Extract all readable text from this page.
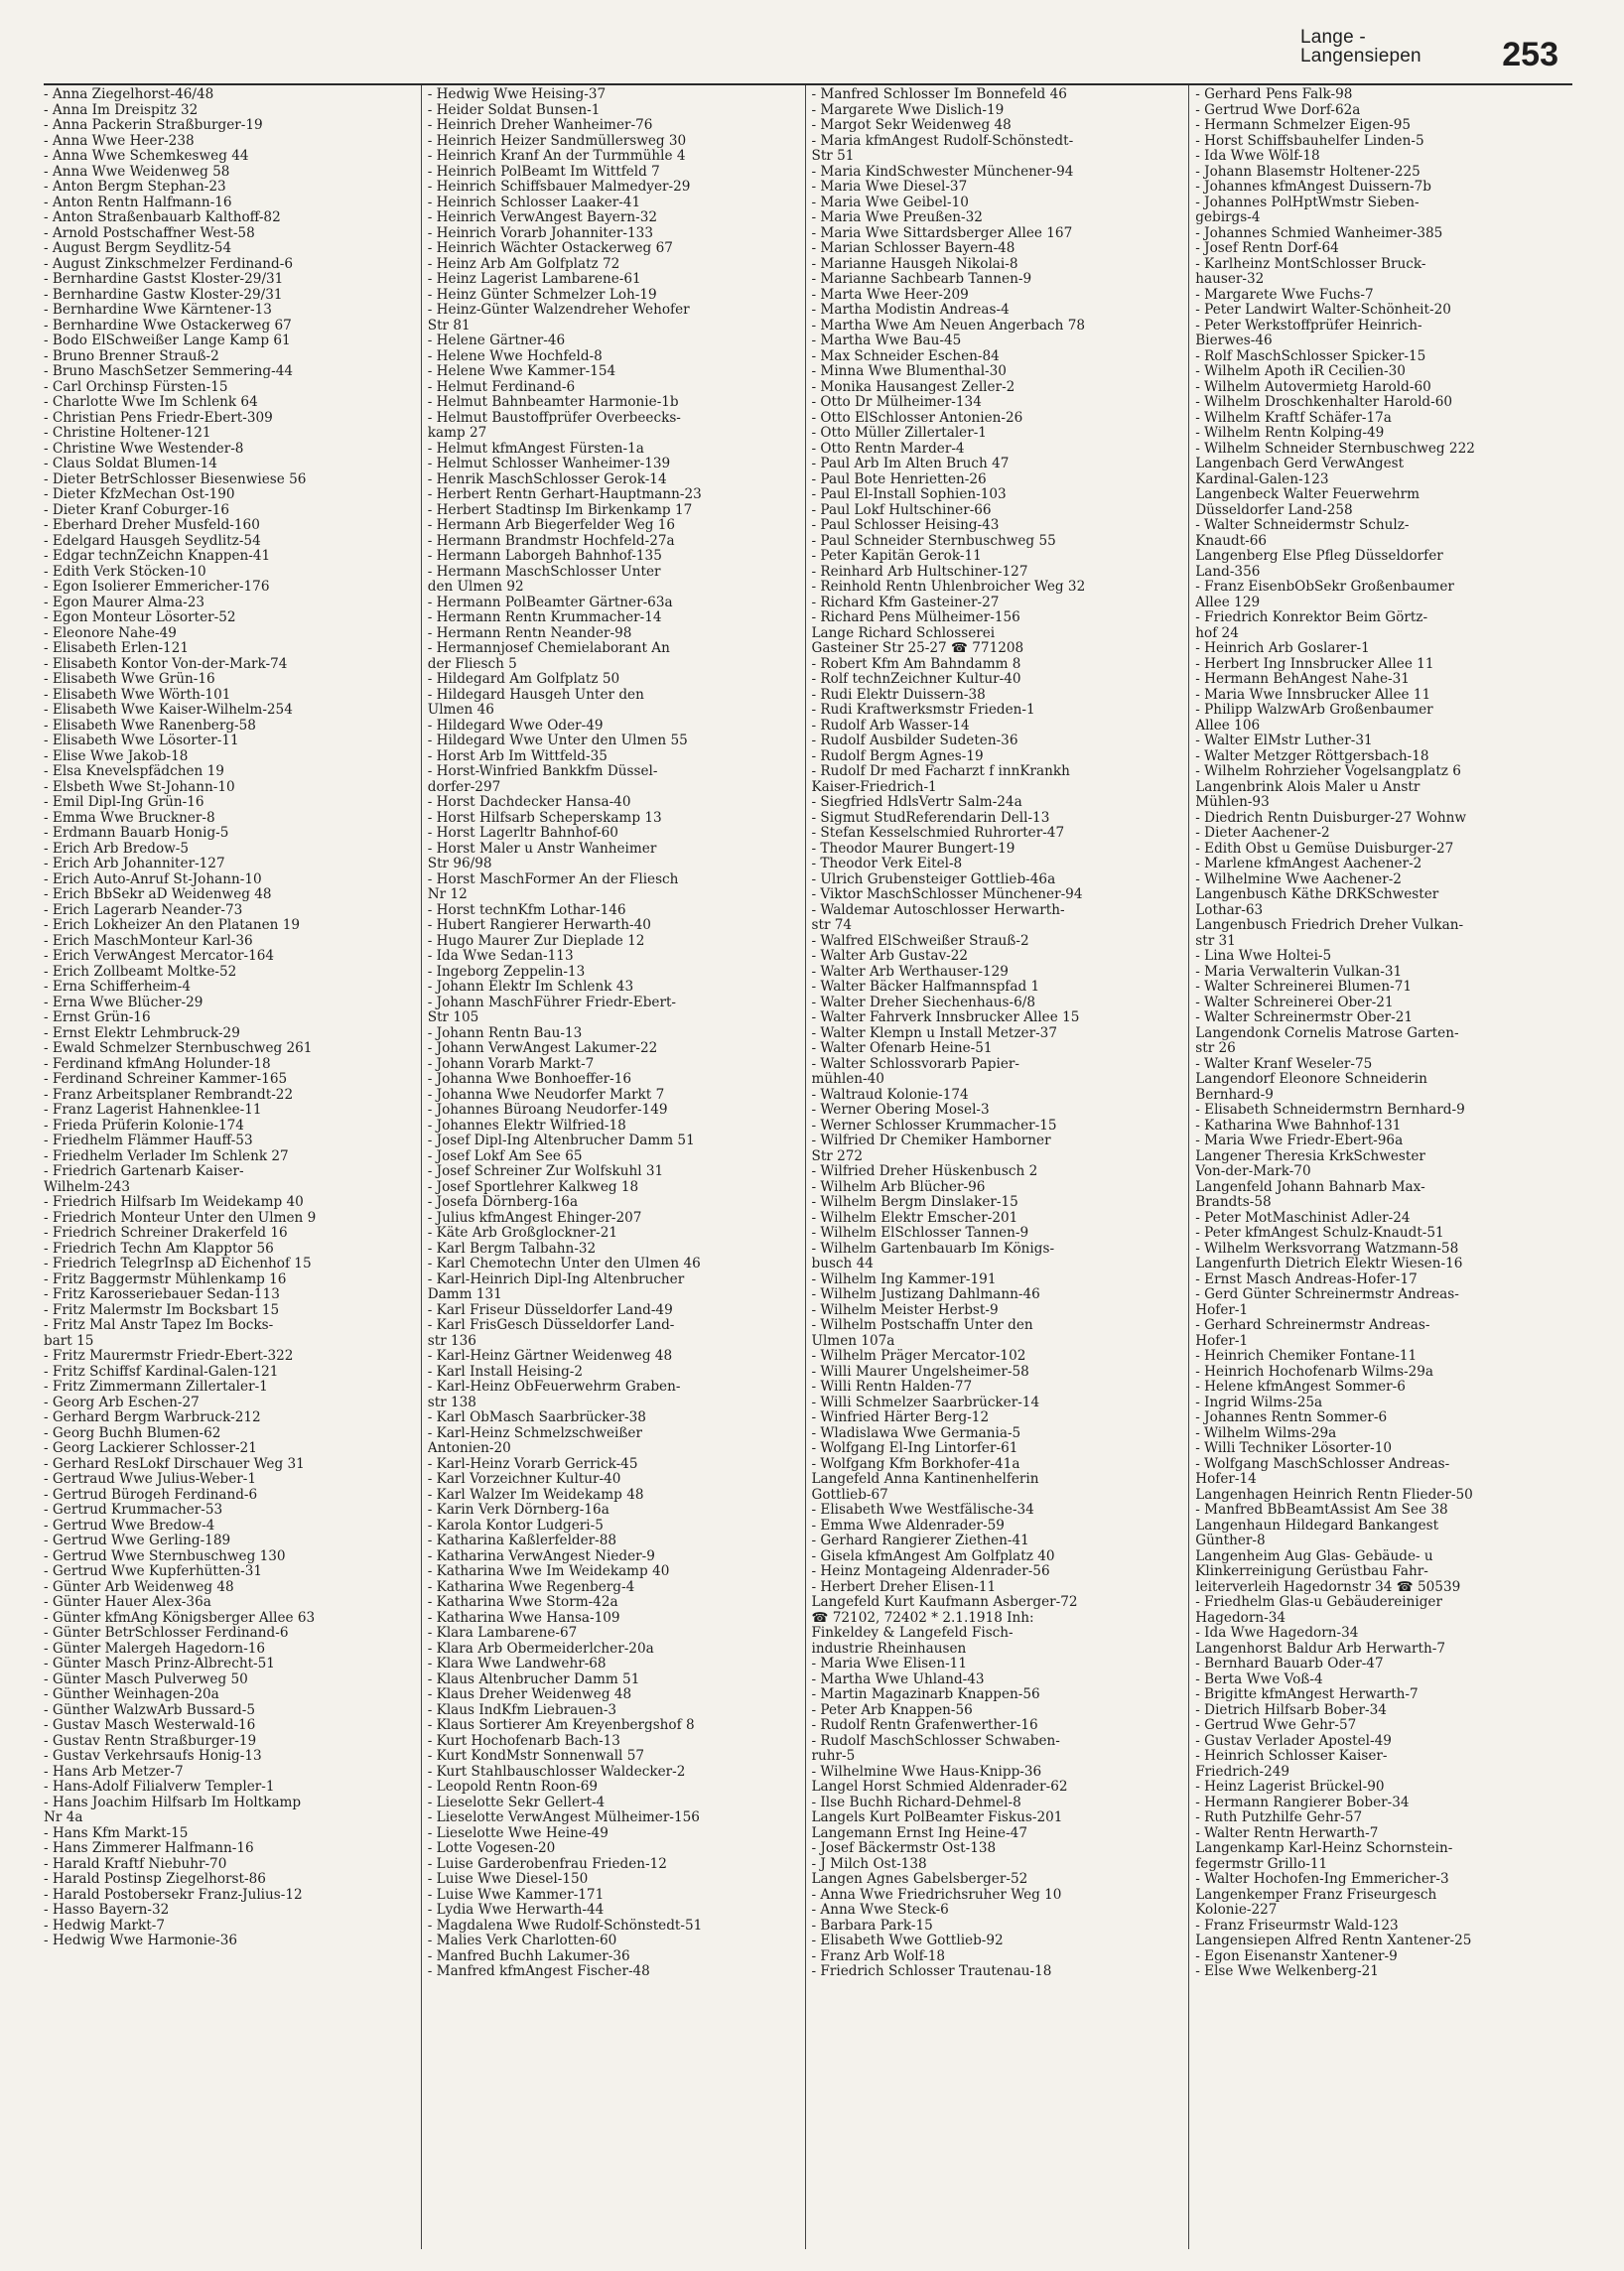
Lange - Langensiepen	253
- Anna Ziegelhorst-46/48
- Anna Im Dreispitz 32
- Anna Packerin Straßburger-19
- Anna Wwe Heer-238
- Anna Wwe Schemkesweg 44
- Anna Wwe Weidenweg 58
- Anton Bergm Stephan-23
- Anton Rentn Halfmann-16
- Anton Straßenbauarb Kalthoff-82
- Arnold Postschaffner West-58
- August Bergm Seydlitz-54
- August Zinkschmelzer Ferdinand-6
- Bernhardine Gastst Kloster-29/31
- Bernhardine Gastw Kloster-29/31
- Bernhardine Wwe Kärntener-13
- Bernhardine Wwe Ostackerweg 67
- Bodo ElSchweißer Lange Kamp 61
- Bruno Brenner Strauß-2
- Bruno MaschSetzer Semmering-44
- Carl Orchinsp Fürsten-15
- Charlotte Wwe Im Schlenk 64
- Christian Pens Friedr-Ebert-309
- Christine Holtener-121
- Christine Wwe Westender-8
- Claus Soldat Blumen-14
- Dieter BetrSchlosser Biesenwiese 56
- Dieter KfzMechan Ost-190
- Dieter Kranf Coburger-16
- Eberhard Dreher Musfeld-160
- Edelgard Hausgeh Seydlitz-54
- Edgar technZeichn Knappen-41
- Edith Verk Stöcken-10
- Egon Isolierer Emmericher-176
- Egon Maurer Alma-23
- Egon Monteur Lösorter-52
- Eleonore Nahe-49
- Elisabeth Erlen-121
- Elisabeth Kontor Von-der-Mark-74
- Elisabeth Wwe Grün-16
- Elisabeth Wwe Wörth-101
- Elisabeth Wwe Kaiser-Wilhelm-254
- Elisabeth Wwe Ranenberg-58
- Elisabeth Wwe Lösorter-11
- Elise Wwe Jakob-18
- Elsa Knevelspfädchen 19
- Elsbeth Wwe St-Johann-10
- Emil Dipl-Ing Grün-16
- Emma Wwe Bruckner-8
- Erdmann Bauarb Honig-5
- Erich Arb Bredow-5
- Erich Arb Johanniter-127
- Erich Auto-Anruf St-Johann-10
- Erich BbSekr aD Weidenweg 48
- Erich Lagerarb Neander-73
- Erich Lokheizer An den Platanen 19
- Erich MaschMonteur Karl-36
- Erich VerwAngest Mercator-164
- Erich Zollbeamt Moltke-52
- Erna Schifferheim-4
- Erna Wwe Blücher-29
- Ernst Grün-16
- Ernst Elektr Lehmbruck-29
- Ewald Schmelzer Sternbuschweg 261
- Ferdinand kfmAng Holunder-18
- Ferdinand Schreiner Kammer-165
- Franz Arbeitsplaner Rembrandt-22
- Franz Lagerist Hahnenklee-11
- Frieda Prüferin Kolonie-174
- Friedhelm Flämmer Hauff-53
- Friedhelm Verlader Im Schlenk 27
- Friedrich Gartenarb Kaiser-
Wilhelm-243
- Friedrich Hilfsarb Im Weidekamp 40
- Friedrich Monteur Unter den Ulmen 9
- Friedrich Schreiner Drakerfeld 16
- Friedrich Techn Am Klapptor 56
- Friedrich TelegrInsp aD Eichenhof 15
- Fritz Baggermstr Mühlenkamp 16
- Fritz Karosseriebauer Sedan-113
- Fritz Malermstr Im Bocksbart 15
- Fritz Mal Anstr Tapez Im Bocks-
bart 15
- Fritz Maurermstr Friedr-Ebert-322
- Fritz Schiffsf Kardinal-Galen-121
- Fritz Zimmermann Zillertaler-1
- Georg Arb Eschen-27
- Gerhard Bergm Warbruck-212
- Georg Buchh Blumen-62
- Georg Lackierer Schlosser-21
- Gerhard ResLokf Dirschauer Weg 31
- Gertraud Wwe Julius-Weber-1
- Gertrud Bürogeh Ferdinand-6
- Gertrud Krummacher-53
- Gertrud Wwe Bredow-4
- Gertrud Wwe Gerling-189
- Gertrud Wwe Sternbuschweg 130
- Gertrud Wwe Kupferhütten-31
- Günter Arb Weidenweg 48
- Günter Hauer Alex-36a
- Günter kfmAng Königsberger Allee 63
- Günter BetrSchlosser Ferdinand-6
- Günter Malergeh Hagedorn-16
- Günter Masch Prinz-Albrecht-51
- Günter Masch Pulverweg 50
- Günther Weinhagen-20a
- Günther WalzwArb Bussard-5
- Gustav Masch Westerwald-16
- Gustav Rentn Straßburger-19
- Gustav Verkehrsaufs Honig-13
- Hans Arb Metzer-7
- Hans-Adolf Filialverw Templer-1
- Hans Joachim Hilfsarb Im Holtkamp
Nr 4a
- Hans Kfm Markt-15
- Hans Zimmerer Halfmann-16
- Harald Kraftf Niebuhr-70
- Harald Postinsp Ziegelhorst-86
- Harald Postobersekr Franz-Julius-12
- Hasso Bayern-32
- Hedwig Markt-7
- Hedwig Wwe Harmonie-36
- Hedwig Wwe Heising-37
- Heider Soldat Bunsen-1
- Heinrich Dreher Wanheimer-76
- Heinrich Heizer Sandmüllersweg 30
- Heinrich Kranf An der Turmmühle 4
- Heinrich PolBeamt Im Wittfeld 7
- Heinrich Schiffsbauer Malmedyer-29
- Heinrich Schlosser Laaker-41
- Heinrich VerwAngest Bayern-32
- Heinrich Vorarb Johanniter-133
- Heinrich Wächter Ostackerweg 67
- Heinz Arb Am Golfplatz 72
- Heinz Lagerist Lambarene-61
- Heinz Günter Schmelzer Loh-19
- Heinz-Günter Walzendreher Wehofer
Str 81
- Helene Gärtner-46
- Helene Wwe Hochfeld-8
- Helene Wwe Kammer-154
- Helmut Ferdinand-6
- Helmut Bahnbeamter Harmonie-1b
- Helmut Baustoffprüfer Overbeecks-
kamp 27
- Helmut kfmAngest Fürsten-1a
- Helmut Schlosser Wanheimer-139
- Henrik MaschSchlosser Gerok-14
- Herbert Rentn Gerhart-Hauptmann-23
- Herbert Stadtinsp Im Birkenkamp 17
- Hermann Arb Biegerfelder Weg 16
- Hermann Brandmstr Hochfeld-27a
- Hermann Laborgeh Bahnhof-135
- Hermann MaschSchlosser Unter
den Ulmen 92
- Hermann PolBeamter Gärtner-63a
- Hermann Rentn Krummacher-14
- Hermann Rentn Neander-98
- Hermannjosef Chemielaborant An
der Fliesch 5
- Hildegard Am Golfplatz 50
- Hildegard Hausgeh Unter den
Ulmen 46
- Hildegard Wwe Oder-49
- Hildegard Wwe Unter den Ulmen 55
- Horst Arb Im Wittfeld-35
- Horst-Winfried Bankkfm Düssel-
dorfer-297
- Horst Dachdecker Hansa-40
- Horst Hilfsarb Scheperskamp 13
- Horst Lagerltr Bahnhof-60
- Horst Maler u Anstr Wanheimer
Str 96/98
- Horst MaschFormer An der Fliesch
Nr 12
- Horst technKfm Lothar-146
- Hubert Rangierer Herwarth-40
- Hugo Maurer Zur Dieplade 12
- Ida Wwe Sedan-113
- Ingeborg Zeppelin-13
- Johann Elektr Im Schlenk 43
- Johann MaschFührer Friedr-Ebert-
Str 105
- Johann Rentn Bau-13
- Johann VerwAngest Lakumer-22
- Johann Vorarb Markt-7
- Johanna Wwe Bonhoeffer-16
- Johanna Wwe Neudorfer Markt 7
- Johannes Büroang Neudorfer-149
- Johannes Elektr Wilfried-18
- Josef Dipl-Ing Altenbrucher Damm 51
- Josef Lokf Am See 65
- Josef Schreiner Zur Wolfskuhl 31
- Josef Sportlehrer Kalkweg 18
- Josefa Dörnberg-16a
- Julius kfmAngest Ehinger-207
- Käte Arb Großglockner-21
- Karl Bergm Talbahn-32
- Karl Chemotechn Unter den Ulmen 46
- Karl-Heinrich Dipl-Ing Altenbrucher
Damm 131
- Karl Friseur Düsseldorfer Land-49
- Karl FrisGesch Düsseldorfer Land-
str 136
- Karl-Heinz Gärtner Weidenweg 48
- Karl Install Heising-2
- Karl-Heinz ObFeuerwehrm Graben-
str 138
- Karl ObMasch Saarbrücker-38
- Karl-Heinz Schmelzschweißer
Antonien-20
- Karl-Heinz Vorarb Gerrick-45
- Karl Vorzeichner Kultur-40
- Karl Walzer Im Weidekamp 48
- Karin Verk Dörnberg-16a
- Karola Kontor Ludgeri-5
- Katharina Kaßlerfelder-88
- Katharina VerwAngest Nieder-9
- Katharina Wwe Im Weidekamp 40
- Katharina Wwe Regenberg-4
- Katharina Wwe Storm-42a
- Katharina Wwe Hansa-109
- Klara Lambarene-67
- Klara Arb Obermeiderlcher-20a
- Klara Wwe Landwehr-68
- Klaus Altenbrucher Damm 51
- Klaus Dreher Weidenweg 48
- Klaus IndKfm Liebrauen-3
- Klaus Sortierer Am Kreyenbergshof 8
- Kurt Hochofenarb Bach-13
- Kurt KondMstr Sonnenwall 57
- Kurt Stahlbauschlosser Waldecker-2
- Leopold Rentn Roon-69
- Lieselotte Sekr Gellert-4
- Lieselotte VerwAngest Mülheimer-156
- Lieselotte Wwe Heine-49
- Lotte Vogesen-20
- Luise Garderobenfrau Frieden-12
- Luise Wwe Diesel-150
- Luise Wwe Kammer-171
- Lydia Wwe Herwarth-44
- Magdalena Wwe Rudolf-Schönstedt-51
- Malies Verk Charlotten-60
- Manfred Buchh Lakumer-36
- Manfred kfmAngest Fischer-48
- Manfred Schlosser Im Bonnefeld 46
- Margarete Wwe Dislich-19
- Margot Sekr Weidenweg 48
- Maria kfmAngest Rudolf-Schönstedt-
Str 51
- Maria KindSchwester Münchener-94
- Maria Wwe Diesel-37
- Maria Wwe Geibel-10
- Maria Wwe Preußen-32
- Maria Wwe Sittardsberger Allee 167
- Marian Schlosser Bayern-48
- Marianne Hausgeh Nikolai-8
- Marianne Sachbearb Tannen-9
- Marta Wwe Heer-209
- Martha Modistin Andreas-4
- Martha Wwe Am Neuen Angerbach 78
- Martha Wwe Bau-45
- Max Schneider Eschen-84
- Minna Wwe Blumenthal-30
- Monika Hausangest Zeller-2
- Otto Dr Mülheimer-134
- Otto ElSchlosser Antonien-26
- Otto Müller Zillertaler-1
- Otto Rentn Marder-4
- Paul Arb Im Alten Bruch 47
- Paul Bote Henrietten-26
- Paul El-Install Sophien-103
- Paul Lokf Hultschiner-66
- Paul Schlosser Heising-43
- Paul Schneider Sternbuschweg 55
- Peter Kapitän Gerok-11
- Reinhard Arb Hultschiner-127
- Reinhold Rentn Uhlenbroicher Weg 32
- Richard Kfm Gasteiner-27
- Richard Pens Mülheimer-156
Lange Richard Schlosserei
Gasteiner Str 25-27 ☎ 771208
- Robert Kfm Am Bahndamm 8
- Rolf technZeichner Kultur-40
- Rudi Elektr Duissern-38
- Rudi Kraftwerksmstr Frieden-1
- Rudolf Arb Wasser-14
- Rudolf Ausbilder Sudeten-36
- Rudolf Bergm Agnes-19
- Rudolf Dr med Facharzt f innKrankh
Kaiser-Friedrich-1
- Siegfried HdlsVertr Salm-24a
- Sigmut StudReferendarin Dell-13
- Stefan Kesselschmied Ruhrorter-47
- Theodor Maurer Bungert-19
- Theodor Verk Eitel-8
- Ulrich Grubensteiger Gottlieb-46a
- Viktor MaschSchlosser Münchener-94
- Waldemar Autoschlosser Herwarth-
str 74
- Walfred ElSchweißer Strauß-2
- Walter Arb Gustav-22
- Walter Arb Werthauser-129
- Walter Bäcker Halfmannspfad 1
- Walter Dreher Siechenhaus-6/8
- Walter Fahrverk Innsbrucker Allee 15
- Walter Klempn u Install Metzer-37
- Walter Ofenarb Heine-51
- Walter Schlossvorarb Papier-
mühlen-40
- Waltraud Kolonie-174
- Werner Obering Mosel-3
- Werner Schlosser Krummacher-15
- Wilfried Dr Chemiker Hamborner
Str 272
- Wilfried Dreher Hüskenbusch 2
- Wilhelm Arb Blücher-96
- Wilhelm Bergm Dinslaker-15
- Wilhelm Elektr Emscher-201
- Wilhelm ElSchlosser Tannen-9
- Wilhelm Gartenbauarb Im Königs-
busch 44
- Wilhelm Ing Kammer-191
- Wilhelm Justizang Dahlmann-46
- Wilhelm Meister Herbst-9
- Wilhelm Postschaffn Unter den
Ulmen 107a
- Wilhelm Präger Mercator-102
- Willi Maurer Ungelsheimer-58
- Willi Rentn Halden-77
- Willi Schmelzer Saarbrücker-14
- Winfried Härter Berg-12
- Wladislawa Wwe Germania-5
- Wolfgang El-Ing Lintorfer-61
- Wolfgang Kfm Borkhofer-41a
Langefeld Anna Kantinenhelferin
Gottlieb-67
- Elisabeth Wwe Westfälische-34
- Emma Wwe Aldenrader-59
- Gerhard Rangierer Ziethen-41
- Gisela kfmAngest Am Golfplatz 40
- Heinz Montageing Aldenrader-56
- Herbert Dreher Elisen-11
Langefeld Kurt Kaufmann Asberger-72
☎ 72102, 72402 * 2.1.1918 Inh:
Finkeldey & Langefeld Fisch-
industrie Rheinhausen
- Maria Wwe Elisen-11
- Martha Wwe Uhland-43
- Martin Magazinarb Knappen-56
- Peter Arb Knappen-56
- Rudolf Rentn Grafenwerther-16
- Rudolf MaschSchlosser Schwaben-
ruhr-5
- Wilhelmine Wwe Haus-Knipp-36
Langel Horst Schmied Aldenrader-62
- Ilse Buchh Richard-Dehmel-8
Langels Kurt PolBeamter Fiskus-201
Langemann Ernst Ing Heine-47
- Josef Bäckermstr Ost-138
- J Milch Ost-138
Langen Agnes Gabelsberger-52
- Anna Wwe Friedrichsruher Weg 10
- Anna Wwe Steck-6
- Barbara Park-15
- Elisabeth Wwe Gottlieb-92
- Franz Arb Wolf-18
- Friedrich Schlosser Trautenau-18
- Gerhard Pens Falk-98
- Gertrud Wwe Dorf-62a
- Hermann Schmelzer Eigen-95
- Horst Schiffsbauhelfer Linden-5
- Ida Wwe Wölf-18
- Johann Blasemstr Holtener-225
- Johannes kfmAngest Duissern-7b
- Johannes PolHptWmstr Sieben-
gebirgs-4
- Johannes Schmied Wanheimer-385
- Josef Rentn Dorf-64
- Karlheinz MontSchlosser Bruck-
hauser-32
- Margarete Wwe Fuchs-7
- Peter Landwirt Walter-Schönheit-20
- Peter Werkstoffprüfer Heinrich-
Bierwes-46
- Rolf MaschSchlosser Spicker-15
- Wilhelm Apoth iR Cecilien-30
- Wilhelm Autovermietg Harold-60
- Wilhelm Droschkenhalter Harold-60
- Wilhelm Kraftf Schäfer-17a
- Wilhelm Rentn Kolping-49
- Wilhelm Schneider Sternbuschweg 222
Langenbach Gerd VerwAngest
Kardinal-Galen-123
Langenbeck Walter Feuerwehrm
Düsseldorfer Land-258
- Walter Schneidermstr Schulz-
Knaudt-66
Langenberg Else Pfleg Düsseldorfer
Land-356
- Franz EisenbObSekr Großenbaumer
Allee 129
- Friedrich Konrektor Beim Görtz-
hof 24
- Heinrich Arb Goslarer-1
- Herbert Ing Innsbrucker Allee 11
- Hermann BehAngest Nahe-31
- Maria Wwe Innsbrucker Allee 11
- Philipp WalzwArb Großenbaumer
Allee 106
- Walter ElMstr Luther-31
- Walter Metzger Röttgersbach-18
- Wilhelm Rohrzieher Vogelsangplatz 6
Langenbrink Alois Maler u Anstr
Mühlen-93
- Diedrich Rentn Duisburger-27 Wohnw
- Dieter Aachener-2
- Edith Obst u Gemüse Duisburger-27
- Marlene kfmAngest Aachener-2
- Wilhelmine Wwe Aachener-2
Langenbusch Käthe DRKSchwester
Lothar-63
Langenbusch Friedrich Dreher Vulkan-
str 31
- Lina Wwe Holtei-5
- Maria Verwalterin Vulkan-31
- Walter Schreinerei Blumen-71
- Walter Schreinerei Ober-21
- Walter Schreinermstr Ober-21
Langendonk Cornelis Matrose Garten-
str 26
- Walter Kranf Weseler-75
Langendorf Eleonore Schneiderin
Bernhard-9
- Elisabeth Schneidermstrn Bernhard-9
- Katharina Wwe Bahnhof-131
- Maria Wwe Friedr-Ebert-96a
Langener Theresia KrkSchwester
Von-der-Mark-70
Langenfeld Johann Bahnarb Max-
Brandts-58
- Peter MotMaschinist Adler-24
- Peter kfmAngest Schulz-Knaudt-51
- Wilhelm Werksvorrang Watzmann-58
Langenfurth Dietrich Elektr Wiesen-16
- Ernst Masch Andreas-Hofer-17
- Gerd Günter Schreinermstr Andreas-
Hofer-1
- Gerhard Schreinermstr Andreas-
Hofer-1
- Heinrich Chemiker Fontane-11
- Heinrich Hochofenarb Wilms-29a
- Helene kfmAngest Sommer-6
- Ingrid Wilms-25a
- Johannes Rentn Sommer-6
- Wilhelm Wilms-29a
- Willi Techniker Lösorter-10
- Wolfgang MaschSchlosser Andreas-
Hofer-14
Langenhagen Heinrich Rentn Flieder-50
- Manfred BbBeamtAssist Am See 38
Langenhaun Hildegard Bankangest
Günther-8
Langenheim Aug Glas- Gebäude- u
Klinkerreinigung Gerüstbau Fahr-
leiterverleih Hagedornstr 34 ☎ 50539
- Friedhelm Glas-u Gebäudereiniger
Hagedorn-34
- Ida Wwe Hagedorn-34
Langenhorst Baldur Arb Herwarth-7
- Bernhard Bauarb Oder-47
- Berta Wwe Voß-4
- Brigitte kfmAngest Herwarth-7
- Dietrich Hilfsarb Bober-34
- Gertrud Wwe Gehr-57
- Gustav Verlader Apostel-49
- Heinrich Schlosser Kaiser-
Friedrich-249
- Heinz Lagerist Brückel-90
- Hermann Rangierer Bober-34
- Ruth Putzhilfe Gehr-57
- Walter Rentn Herwarth-7
Langenkamp Karl-Heinz Schornstein-
fegermstr Grillo-11
- Walter Hochofen-Ing Emmericher-3
Langenkemper Franz Friseurgesch
Kolonie-227
- Franz Friseurmstr Wald-123
Langensiepen Alfred Rentn Xantener-25
- Egon Eisenanstr Xantener-9
- Else Wwe Welkenberg-21
